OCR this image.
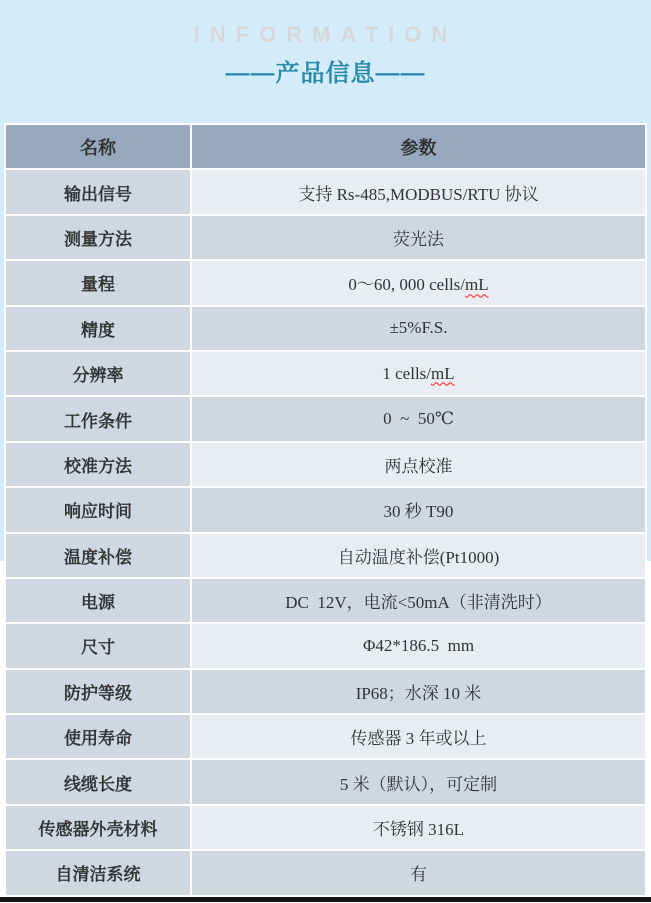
INFORMATION
——产品信息——
名称	参数
输出信号	支持 Rs-485,MODBUS/RTU 协议
测量方法	荧光法
量程	0～60, 000 cells/mL
精度	±5%F.S.
分辨率	1 cells/mL
工作条件	0  ~  50℃
校准方法	两点校准
响应时间	30 秒 T90
温度补偿	自动温度补偿(Pt1000)
电源	DC  12V，电流<50mA（非清洗时）
尺寸	Φ42*186.5  mm
防护等级	IP68；水深 10 米
使用寿命	传感器 3 年或以上
线缆长度	5 米（默认），可定制
传感器外壳材料	不锈钢 316L
自清洁系统	有
